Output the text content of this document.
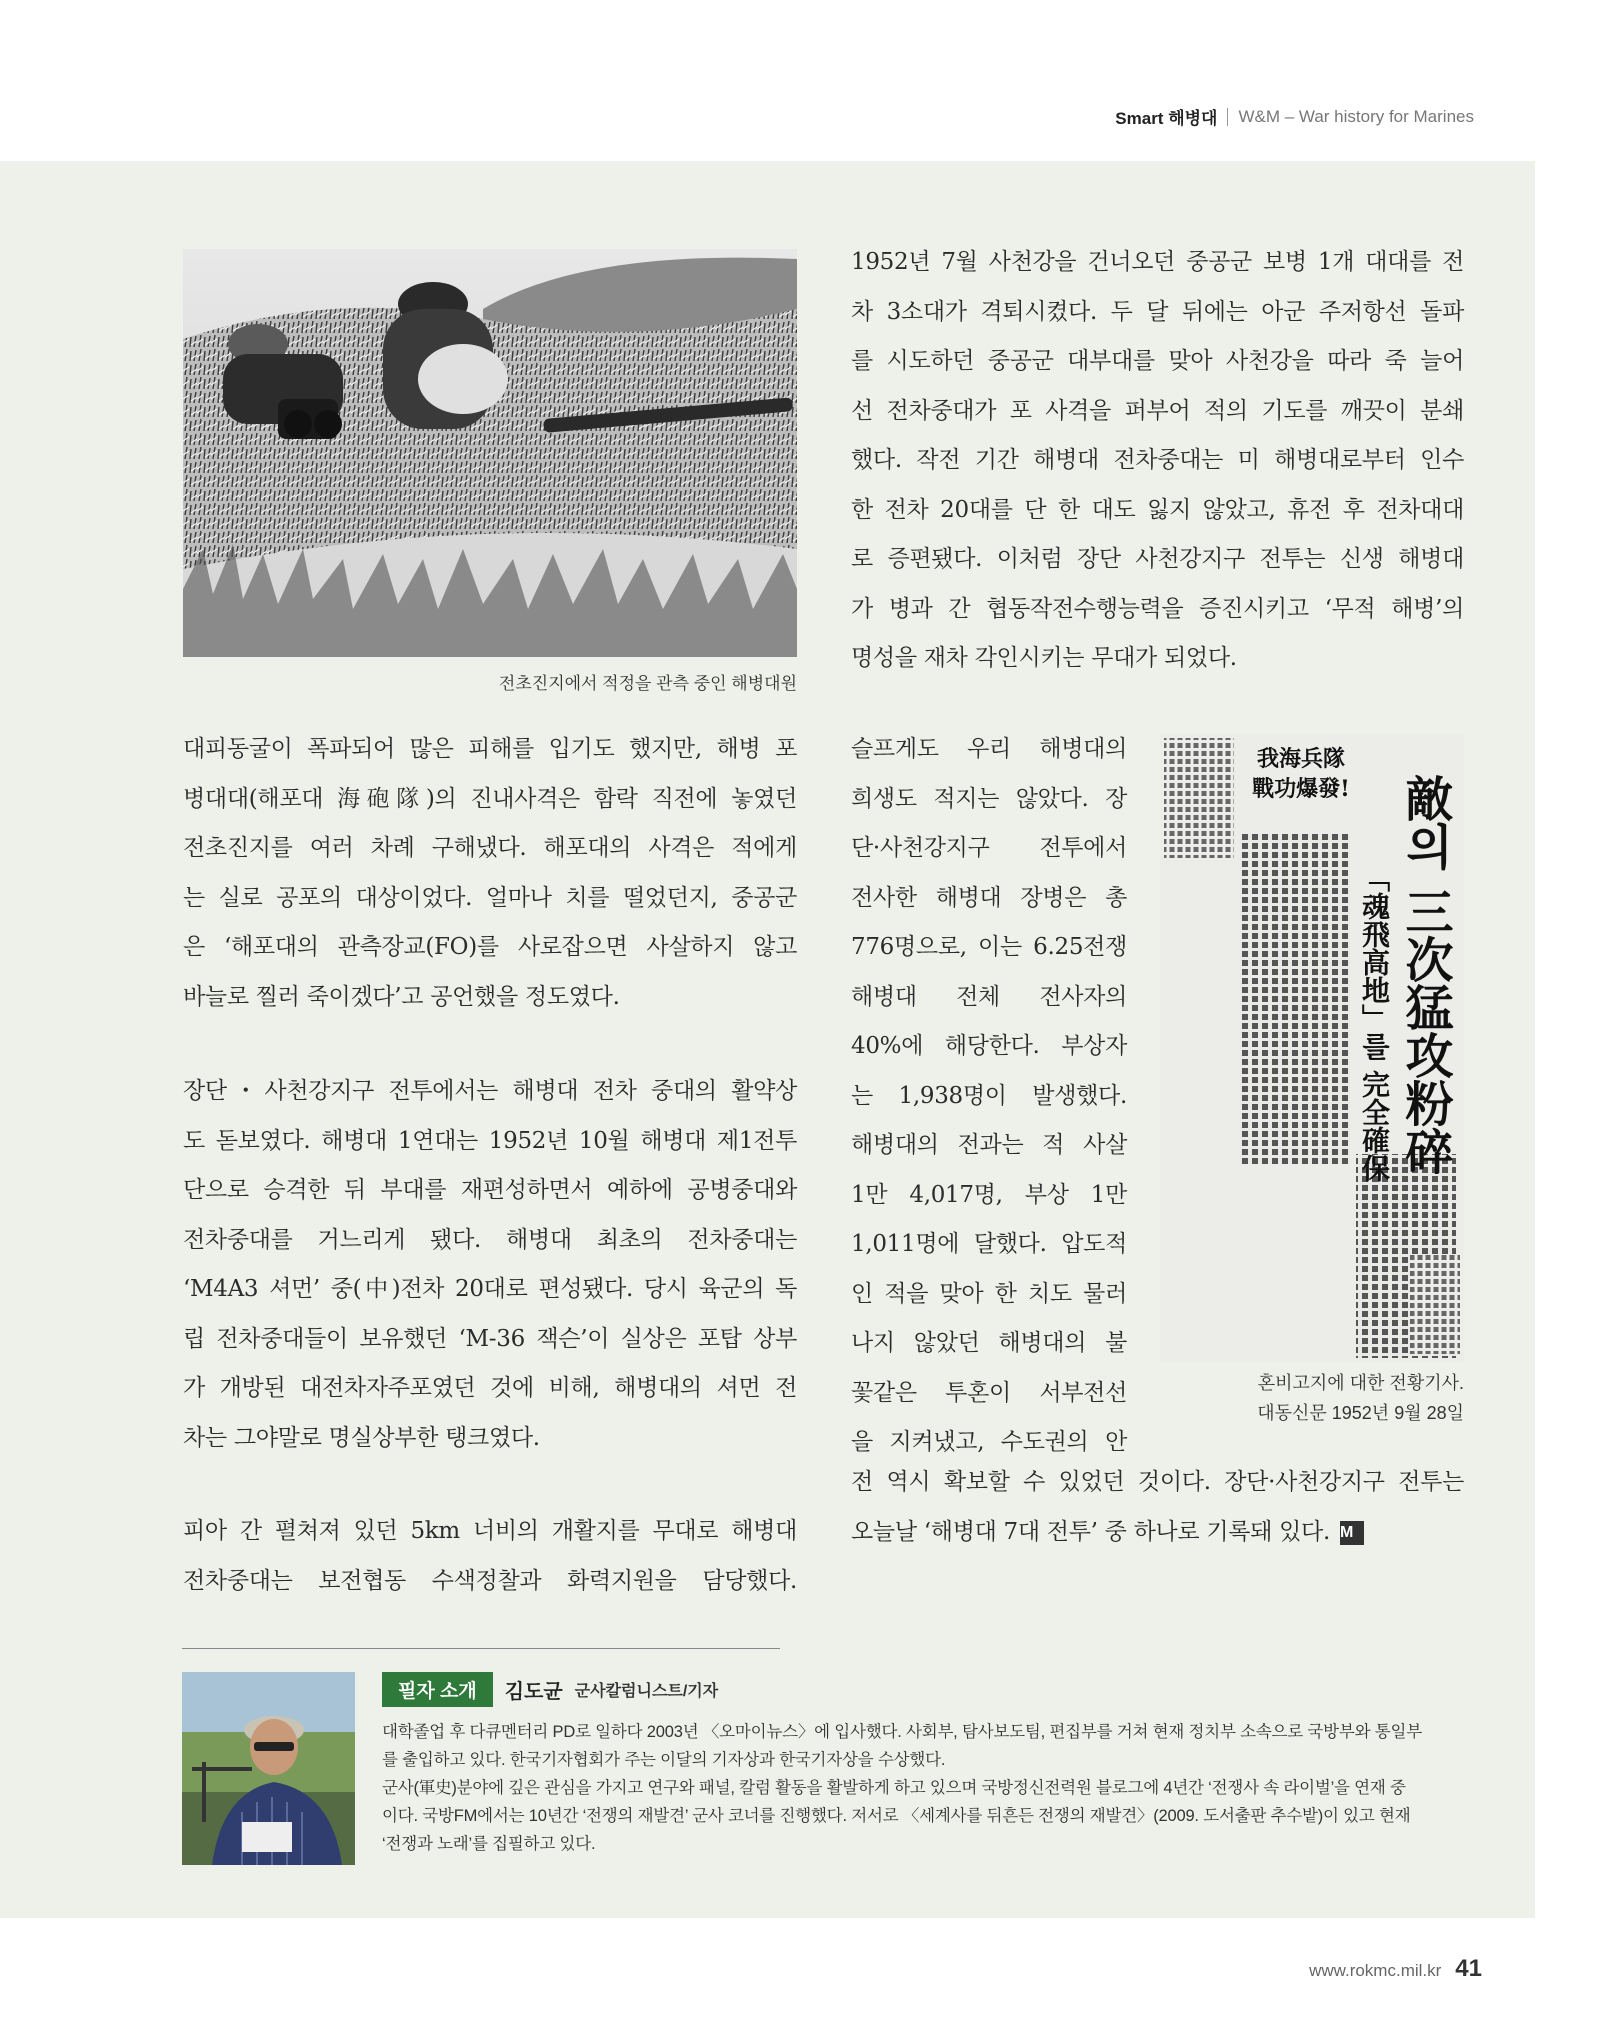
Smart 해병대 W&M – War history for Marines
전초진지에서 적정을 관측 중인 해병대원
1952년 7월 사천강을 건너오던 중공군 보병 1개 대대를 전
차 3소대가 격퇴시켰다. 두 달 뒤에는 아군 주저항선 돌파
를 시도하던 중공군 대부대를 맞아 사천강을 따라 죽 늘어
선 전차중대가 포 사격을 퍼부어 적의 기도를 깨끗이 분쇄
했다. 작전 기간 해병대 전차중대는 미 해병대로부터 인수
한 전차 20대를 단 한 대도 잃지 않았고, 휴전 후 전차대대
로 증편됐다. 이처럼 장단 사천강지구 전투는 신생 해병대
가 병과 간 협동작전수행능력을 증진시키고 ‘무적 해병’의
명성을 재차 각인시키는 무대가 되었다.
대피동굴이 폭파되어 많은 피해를 입기도 했지만, 해병 포
병대대(해포대 海砲隊)의 진내사격은 함락 직전에 놓였던
전초진지를 여러 차례 구해냈다. 해포대의 사격은 적에게
는 실로 공포의 대상이었다. 얼마나 치를 떨었던지, 중공군
은 ‘해포대의 관측장교(FO)를 사로잡으면 사살하지 않고
바늘로 찔러 죽이겠다’고 공언했을 정도였다.
장단・사천강지구 전투에서는 해병대 전차 중대의 활약상
도 돋보였다. 해병대 1연대는 1952년 10월 해병대 제1전투
단으로 승격한 뒤 부대를 재편성하면서 예하에 공병중대와
전차중대를 거느리게 됐다. 해병대 최초의 전차중대는
‘M4A3 셔먼’ 중(中)전차 20대로 편성됐다. 당시 육군의 독
립 전차중대들이 보유했던 ‘M-36 잭슨’이 실상은 포탑 상부
가 개방된 대전차자주포였던 것에 비해, 해병대의 셔먼 전
차는 그야말로 명실상부한 탱크였다.
피아 간 펼쳐져 있던 5km 너비의 개활지를 무대로 해병대
전차중대는 보전협동 수색정찰과 화력지원을 담당했다.
슬프게도 우리 해병대의
희생도 적지는 않았다. 장
단·사천강지구 전투에서
전사한 해병대 장병은 총
776명으로, 이는 6.25전쟁
해병대 전체 전사자의
40%에 해당한다. 부상자
는 1,938명이 발생했다.
해병대의 전과는 적 사살
1만 4,017명, 부상 1만
1,011명에 달했다. 압도적
인 적을 맞아 한 치도 물러
나지 않았던 해병대의 불
꽃같은 투혼이 서부전선
을 지켜냈고, 수도권의 안
我海兵隊 戰功爆發! 敵의 三次猛攻粉碎
「魂飛高地」를 完全確保
혼비고지에 대한 전황기사.
대동신문 1952년 9월 28일
전 역시 확보할 수 있었던 것이다. 장단·사천강지구 전투는
오늘날 ‘해병대 7대 전투’ 중 하나로 기록돼 있다. M
필자 소개	김도균 군사칼럼니스트/기자
대학졸업 후 다큐멘터리 PD로 일하다 2003년 〈오마이뉴스〉에 입사했다. 사회부, 탐사보도팀, 편집부를 거쳐 현재 정치부 소속으로 국방부와 통일부
를 출입하고 있다. 한국기자협회가 주는 이달의 기자상과 한국기자상을 수상했다.
군사(軍史)분야에 깊은 관심을 가지고 연구와 패널, 칼럼 활동을 활발하게 하고 있으며 국방정신전력원 블로그에 4년간 ‘전쟁사 속 라이벌’을 연재 중
이다. 국방FM에서는 10년간 ‘전쟁의 재발견’ 군사 코너를 진행했다. 저서로 〈세계사를 뒤흔든 전쟁의 재발견〉(2009. 도서출판 추수밭)이 있고 현재
‘전쟁과 노래’를 집필하고 있다.
www.rokmc.mil.kr 41
